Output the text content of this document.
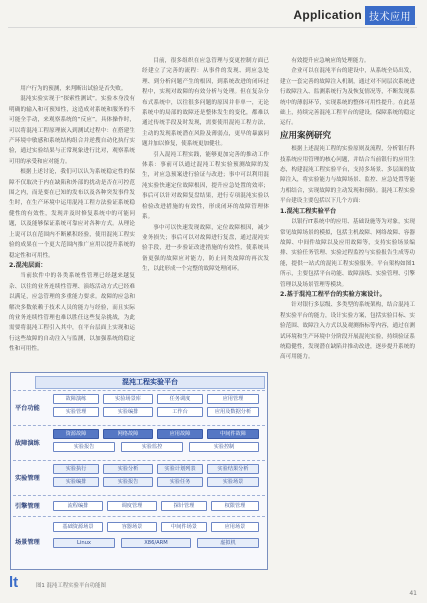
Application 技术应用

用户行为的预测，来判断出试验是否失败。

混沌实验实现于“探索性测试”。实验本身没有明确的输入和可预知性，这造成对系统和服务的不可能全手动，来观察系统的“反应”。具体操作时，可以将混沌工程原理嵌入到测试过程中：在搭建生产环境中敏感和系统结构组合并逆搜自动化执行实验，通过实验结果与正常现象进行比对，观察系统可用的承受和应对能力。

根据上述讨论，我们可以认为系统稳定性的保障不仅取决于内在缺陷和外部的扰动是否在可控范围之内，而是要在已知的发布以及各种突发事件发生时，在生产环境中运用混沌工程方法验证系统稳健性的有效性，发现并及时修复系统中的可能问题，以及能够保证系统可靠应对各种方式。从理论上说可以在范围内不断累积经验，使用混沌工程实验的成果在一个更大范围内推广应用以提升系统的稳定性和可用性。

2.混沌层面：

当前软件中的各类系统性管理已经越来越复杂、以往的业务连续性管理、演练活动方式已经难以满足，应急管理的多重能力要求。故障的应急和解决多数依赖于技术人员的能力与经验，而且实际的业务连续性管理也难以胜任这些复杂挑战，为此需要将混沌工程引入其中，在平台层面上实现和运行这些故障的自动注入与监测，以加强系统的稳定性和可用性。

目前，很多组织在应急管理与变更控制方面已经建立了完善的流程：从事件的发现、到应急处理、到分析问题产生的根因，到系统改进的闭环过程中，实现对故障的有效分析与处理。但在复杂分布式系统中，以往很多问题的原因并非单一，无论系统中的局部的故障还是整体发生的变化，都难以通过传统手段及时发现，需要使用混沌工程方法，主动的发现系统潜在风险及薄弱点，更早的暴露问题并加以修复，使系统更加健壮。

引入混沌工程实践，能够更加完善的推动工作体系：事前可以通过混沌工程实验预测故障的发生，对应急预案进行验证与改进；事中可以利用混沌实验快速定位故障根因，提升应急处置的效率；事后可以针对故障复盘结果，进行专项混沌实验以检验改进措施的有效性，形成闭环的故障管理体系。

事中可以快速发现故障，定位故障根因，减少业务损失；事后可以对故障进行复盘，通过混沌实验手段，进一步验证改进措施的有效性，使系统具备更强的故障应对能力，防止同类故障的再次发生，以此形成一个完整的故障处理闭环。

有效提升应急响应的处理能力。

企业可以在混沌平台的建设中，从系统全局出发，建立一套完善的故障注入机制，通过对不同层次系统进行故障注入、监测系统行为及恢复情况等，不断发现系统中的薄弱环节，实现系统的整体可用性提升。在此基础上，持续完善混沌工程平台的建设，保障系统的稳定运行。

应用案例研究

根据上述混沌工程的实验原则及流程，分析银行科技系统应用管理的核心问题，并结合当前银行的应用生态，构建混沌工程实验平台，支持多场景、多层面的故障注入，将实验能力与故障场景、监控、应急处置等能力相结合，实现故障的主动发现和预防。混沌工程实验平台建设主要包括以下几个方面：

1.混沌工程实验平台

以银行IT系统中的应用、基础设施等为对象，实现常见故障场景的模拟，包括主机故障、网络故障、容器故障、中间件故障以及应用故障等，支持实验场景编排、实验任务管理、实验过程监控与实验报告生成等功能，提供一站式的混沌工程实验服务。平台架构如图1所示，主要包括平台功能、故障演练、实验管理、引擎管理以及场景管理等模块。

2.基于混沌工程平台的实验方案设计。

针对银行多层级、多类型的系统架构，结合混沌工程实验平台的能力，设计实验方案，包括实验目标、实验范围、故障注入方式以及观测指标等内容，通过在测试环境和生产环境中分阶段开展混沌实验，持续验证系统稳健性，发现潜在缺陷并推动改进，逐步提升系统的高可用能力。

混沌工程实验平台
平台功能
故障演练	实验场景库	任务调度	应用管理
实验管理	实验编排	工作台	应用及数据分析
故障演练
资源故障	网络故障	应用故障	中间件故障
实验报告	实验监控	实验控制
实验管理
实验执行	实验分析	实验计划列表	实验结果分析
实验编排	实验报告	实验任务	实验场景
引擎管理	流程编排	调度管理	探针管理	权限管理
场景管理
基础资源场景	容器场景	中间件场景	应用场景
Linux	X86/ARM	虚拟机
lt	图1 混沌工程实验平台功能图
41
